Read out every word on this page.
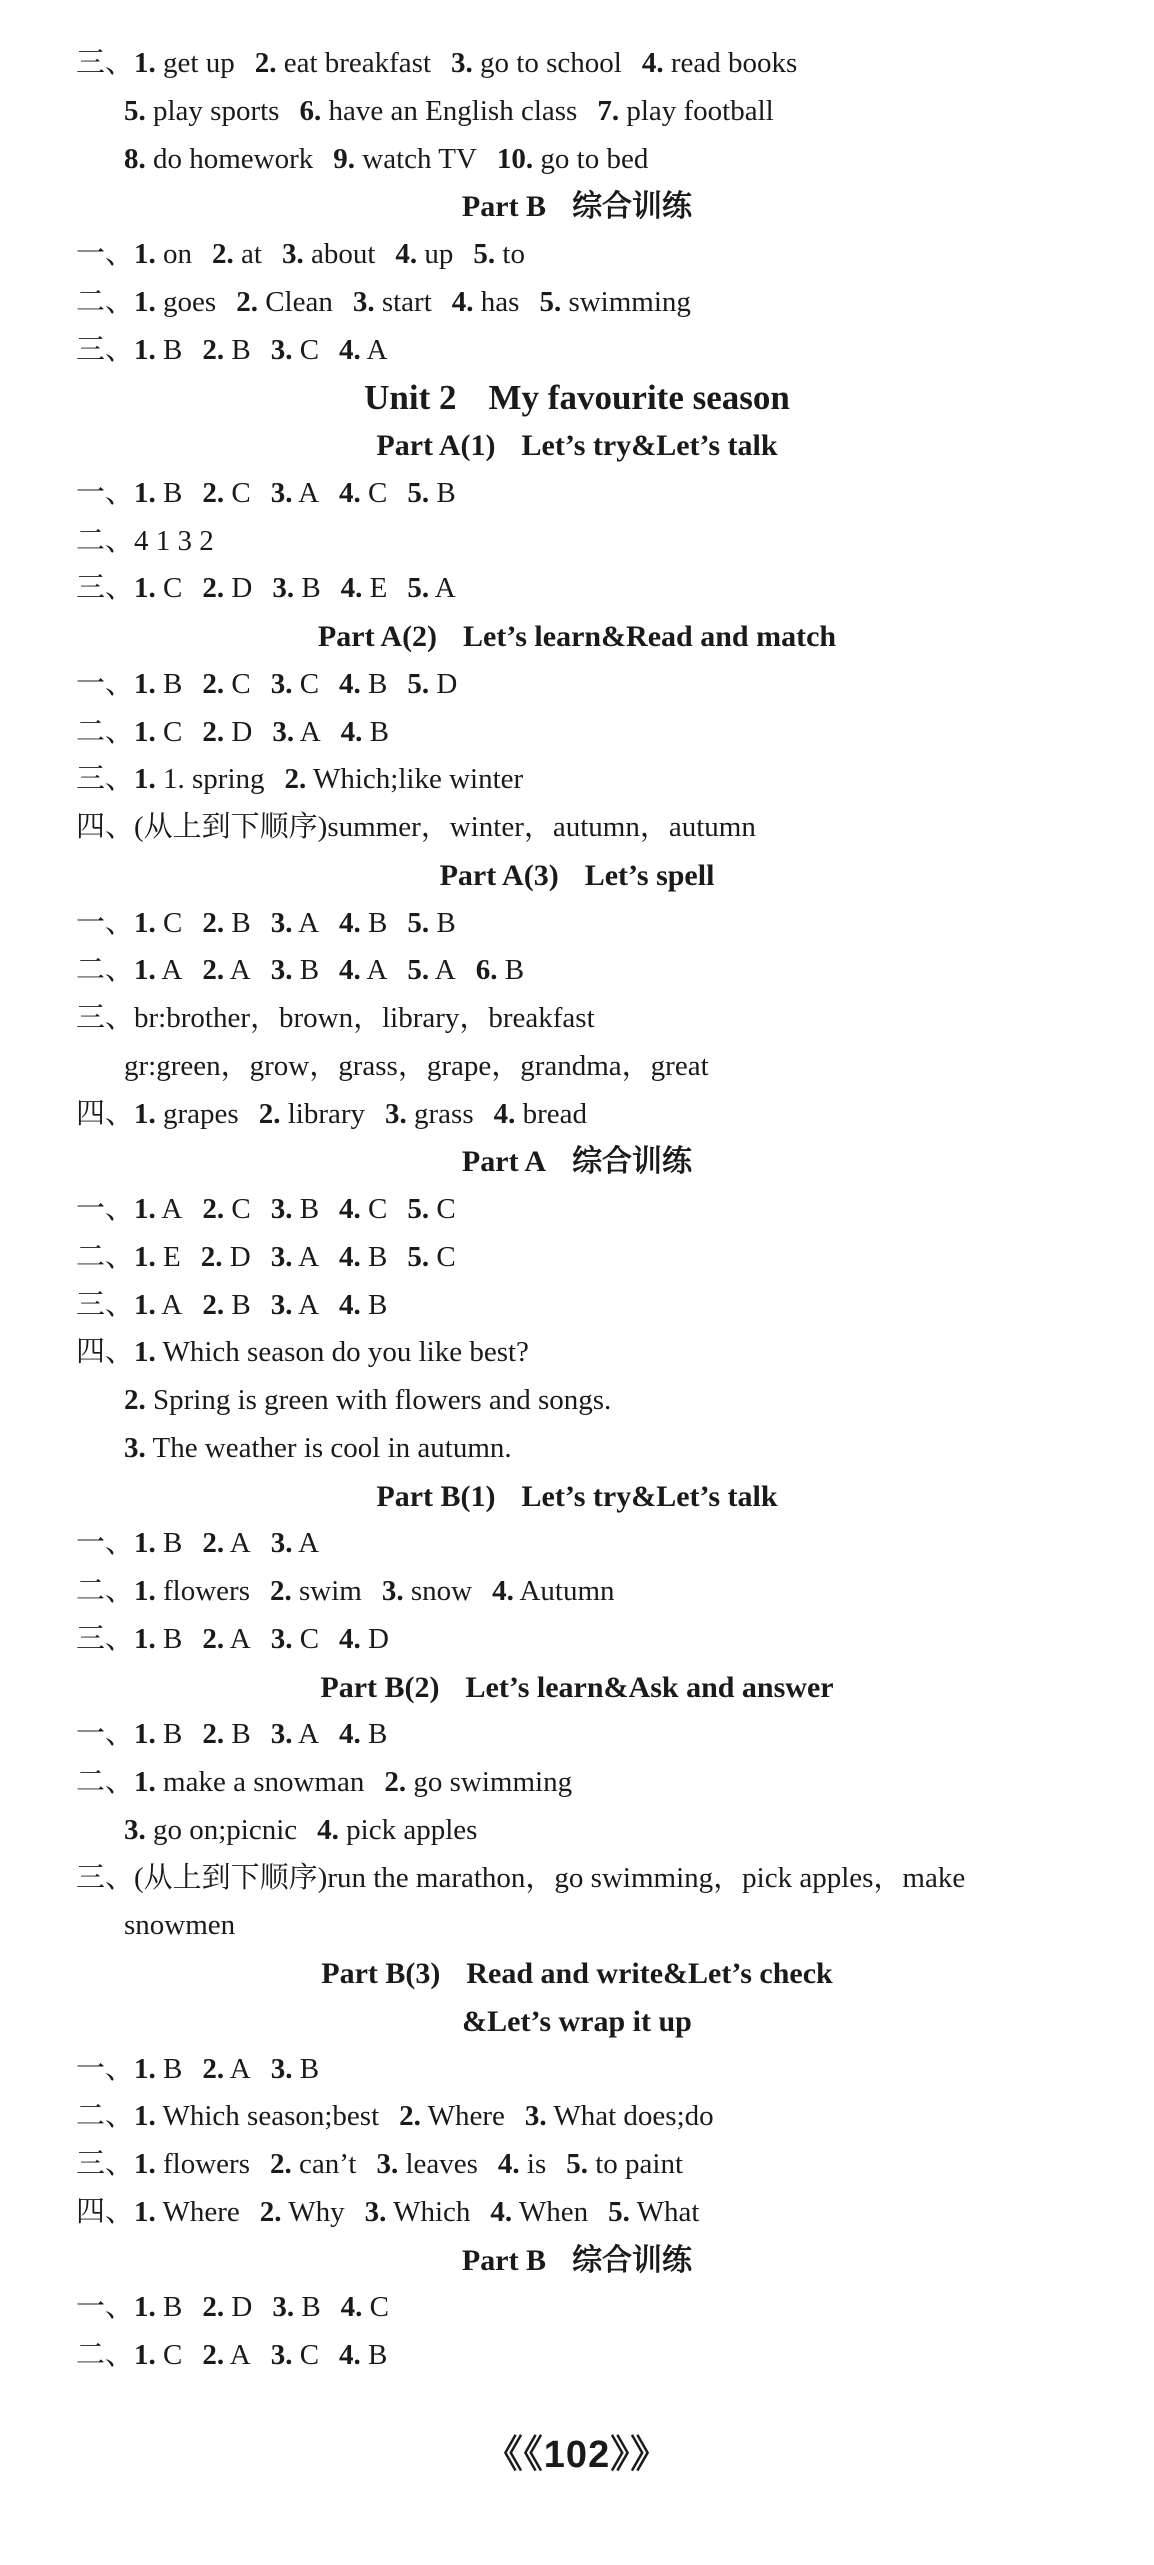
三、1. get up 2. eat breakfast 3. go to school 4. read books
5. play sports 6. have an English class 7. play football
8. do homework 9. watch TV 10. go to bed
Part B 综合训练
一、1. on 2. at 3. about 4. up 5. to
二、1. goes 2. Clean 3. start 4. has 5. swimming
三、1. B 2. B 3. C 4. A
Unit 2 My favourite season
Part A(1) Let’s try&Let’s talk
一、1. B 2. C 3. A 4. C 5. B
二、4 1 3 2
三、1. C 2. D 3. B 4. E 5. A
Part A(2) Let’s learn&Read and match
一、1. B 2. C 3. C 4. B 5. D
二、1. C 2. D 3. A 4. B
三、1. 1. spring 2. Which;like winter
四、(从上到下顺序)summer，winter，autumn，autumn
Part A(3) Let’s spell
一、1. C 2. B 3. A 4. B 5. B
二、1. A 2. A 3. B 4. A 5. A 6. B
三、br:brother，brown，library，breakfast
gr:green，grow，grass，grape，grandma，great
四、1. grapes 2. library 3. grass 4. bread
Part A 综合训练
一、1. A 2. C 3. B 4. C 5. C
二、1. E 2. D 3. A 4. B 5. C
三、1. A 2. B 3. A 4. B
四、1. Which season do you like best?
2. Spring is green with flowers and songs.
3. The weather is cool in autumn.
Part B(1) Let’s try&Let’s talk
一、1. B 2. A 3. A
二、1. flowers 2. swim 3. snow 4. Autumn
三、1. B 2. A 3. C 4. D
Part B(2) Let’s learn&Ask and answer
一、1. B 2. B 3. A 4. B
二、1. make a snowman 2. go swimming
3. go on;picnic 4. pick apples
三、(从上到下顺序)run the marathon，go swimming，pick apples，make
snowmen
Part B(3) Read and write&Let’s check
&Let’s wrap it up
一、1. B 2. A 3. B
二、1. Which season;best 2. Where 3. What does;do
三、1. flowers 2. can’t 3. leaves 4. is 5. to paint
四、1. Where 2. Why 3. Which 4. When 5. What
Part B 综合训练
一、1. B 2. D 3. B 4. C
二、1. C 2. A 3. C 4. B
《《102》》
